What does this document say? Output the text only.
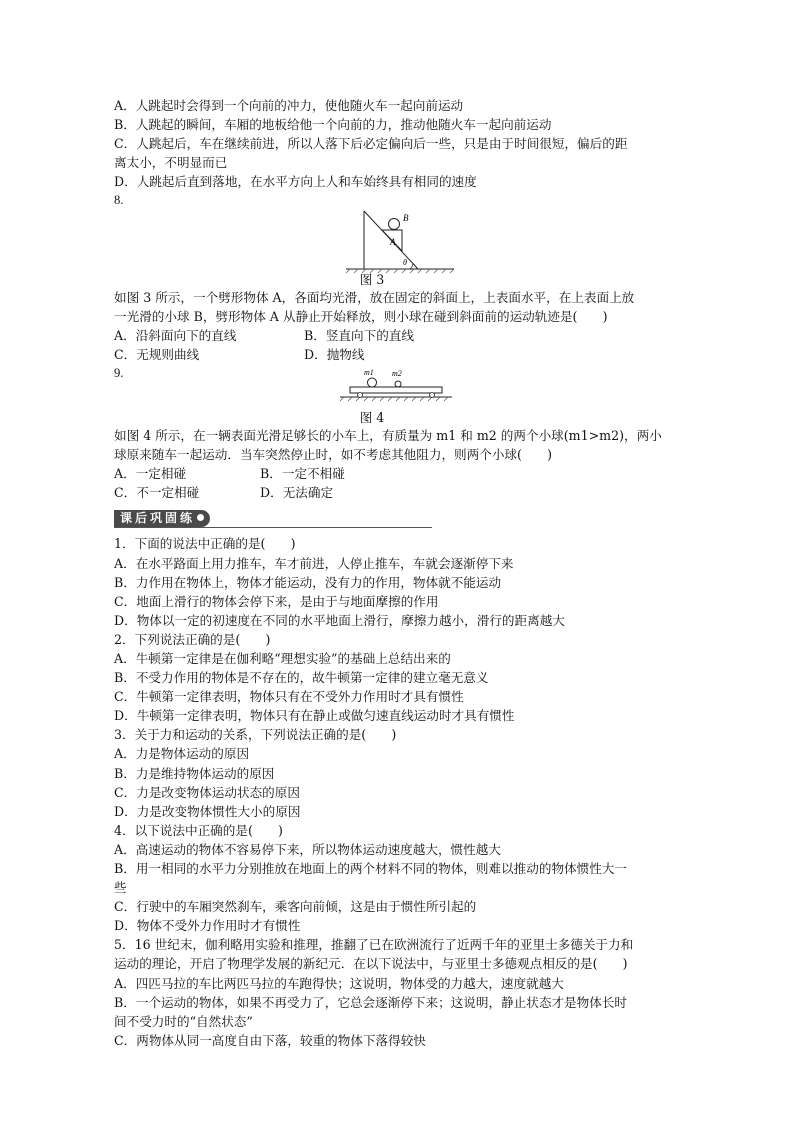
A．人跳起时会得到一个向前的冲力，使他随火车一起向前运动
B．人跳起的瞬间，车厢的地板给他一个向前的力，推动他随火车一起向前运动
C．人跳起后，车在继续前进，所以人落下后必定偏向后一些，只是由于时间很短，偏后的距
离太小，不明显而已
D．人跳起后直到落地，在水平方向上人和车始终具有相同的速度
8.
B
A
θ
图 3
如图 3 所示，一个劈形物体 A，各面均光滑，放在固定的斜面上，上表面水平，在上表面上放
一光滑的小球 B，劈形物体 A 从静止开始释放，则小球在碰到斜面前的运动轨迹是(　　)
A．沿斜面向下的直线	B．竖直向下的直线
C．无规则曲线	D．抛物线
9.	m1 m2
图 4
如图 4 所示，在一辆表面光滑足够长的小车上，有质量为 m1 和 m2 的两个小球(m1>m2)，两小
球原来随车一起运动．当车突然停止时，如不考虑其他阻力，则两个小球(　　)
A．一定相碰	B．一定不相碰
C．不一定相碰	D．无法确定
课后巩固练
1．下面的说法中正确的是(　　)
A．在水平路面上用力推车，车才前进，人停止推车，车就会逐渐停下来
B．力作用在物体上，物体才能运动，没有力的作用，物体就不能运动
C．地面上滑行的物体会停下来，是由于与地面摩擦的作用
D．物体以一定的初速度在不同的水平地面上滑行，摩擦力越小，滑行的距离越大
2．下列说法正确的是(　　)
A．牛顿第一定律是在伽利略“理想实验”的基础上总结出来的
B．不受力作用的物体是不存在的，故牛顿第一定律的建立毫无意义
C．牛顿第一定律表明，物体只有在不受外力作用时才具有惯性
D．牛顿第一定律表明，物体只有在静止或做匀速直线运动时才具有惯性
3．关于力和运动的关系，下列说法正确的是(　　)
A．力是物体运动的原因
B．力是维持物体运动的原因
C．力是改变物体运动状态的原因
D．力是改变物体惯性大小的原因
4．以下说法中正确的是(　　)
A．高速运动的物体不容易停下来，所以物体运动速度越大，惯性越大
B．用一相同的水平力分别推放在地面上的两个材料不同的物体，则难以推动的物体惯性大一
些
C．行驶中的车厢突然刹车，乘客向前倾，这是由于惯性所引起的
D．物体不受外力作用时才有惯性
5．16 世纪末，伽利略用实验和推理，推翻了已在欧洲流行了近两千年的亚里士多德关于力和
运动的理论，开启了物理学发展的新纪元．在以下说法中，与亚里士多德观点相反的是(　　)
A．四匹马拉的车比两匹马拉的车跑得快；这说明，物体受的力越大，速度就越大
B．一个运动的物体，如果不再受力了，它总会逐渐停下来；这说明，静止状态才是物体长时
间不受力时的“自然状态”
C．两物体从同一高度自由下落，较重的物体下落得较快
